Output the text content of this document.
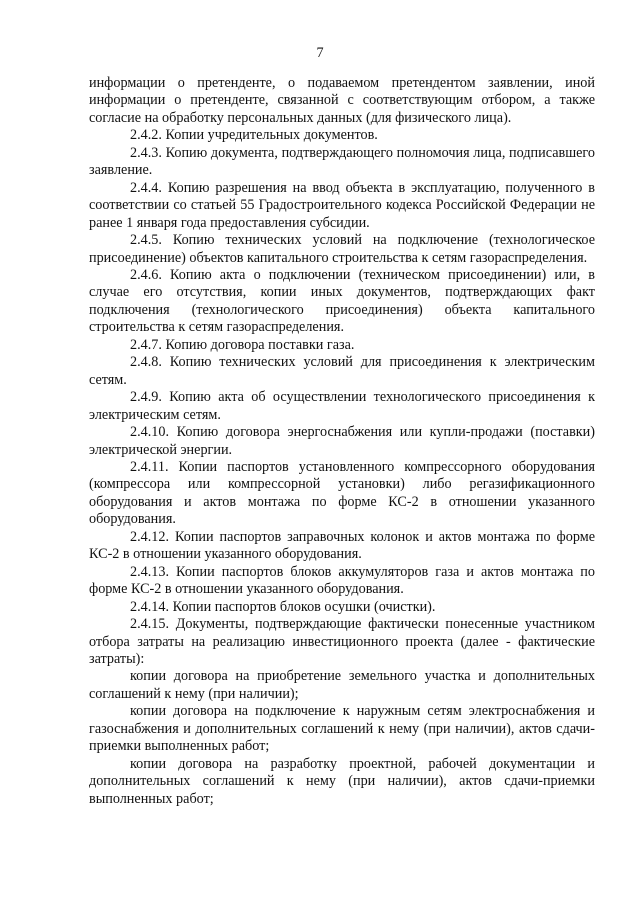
7

информации о претенденте, о подаваемом претендентом заявлении, иной информации о претенденте, связанной с соответствующим отбором, а также согласие на обработку персональных данных (для физического лица).

2.4.2. Копии учредительных документов.

2.4.3. Копию документа, подтверждающего полномочия лица, подписавшего заявление.

2.4.4. Копию разрешения на ввод объекта в эксплуатацию, полученного в соответствии со статьей 55 Градостроительного кодекса Российской Федерации не ранее 1 января года предоставления субсидии.

2.4.5. Копию технических условий на подключение (технологическое присоединение) объектов капитального строительства к сетям газораспределения.

2.4.6. Копию акта о подключении (техническом присоединении) или, в случае его отсутствия, копии иных документов, подтверждающих факт подключения (технологического присоединения) объекта капитального строительства к сетям газораспределения.

2.4.7. Копию договора поставки газа.

2.4.8. Копию технических условий для присоединения к электрическим сетям.

2.4.9. Копию акта об осуществлении технологического присоединения к электрическим сетям.

2.4.10. Копию договора энергоснабжения или купли-продажи (поставки) электрической энергии.

2.4.11. Копии паспортов установленного компрессорного оборудования (компрессора или компрессорной установки) либо регазификационного оборудования и актов монтажа по форме КС-2 в отношении указанного оборудования.

2.4.12. Копии паспортов заправочных колонок и актов монтажа по форме КС-2 в отношении указанного оборудования.

2.4.13. Копии паспортов блоков аккумуляторов газа и актов монтажа по форме КС-2 в отношении указанного оборудования.

2.4.14. Копии паспортов блоков осушки (очистки).

2.4.15. Документы, подтверждающие фактически понесенные участником отбора затраты на реализацию инвестиционного проекта (далее - фактические затраты):

копии договора на приобретение земельного участка и дополнительных соглашений к нему (при наличии);

копии договора на подключение к наружным сетям электроснабжения и газоснабжения и дополнительных соглашений к нему (при наличии), актов сдачи-приемки выполненных работ;

копии договора на разработку проектной, рабочей документации и дополнительных соглашений к нему (при наличии), актов сдачи-приемки выполненных работ;
